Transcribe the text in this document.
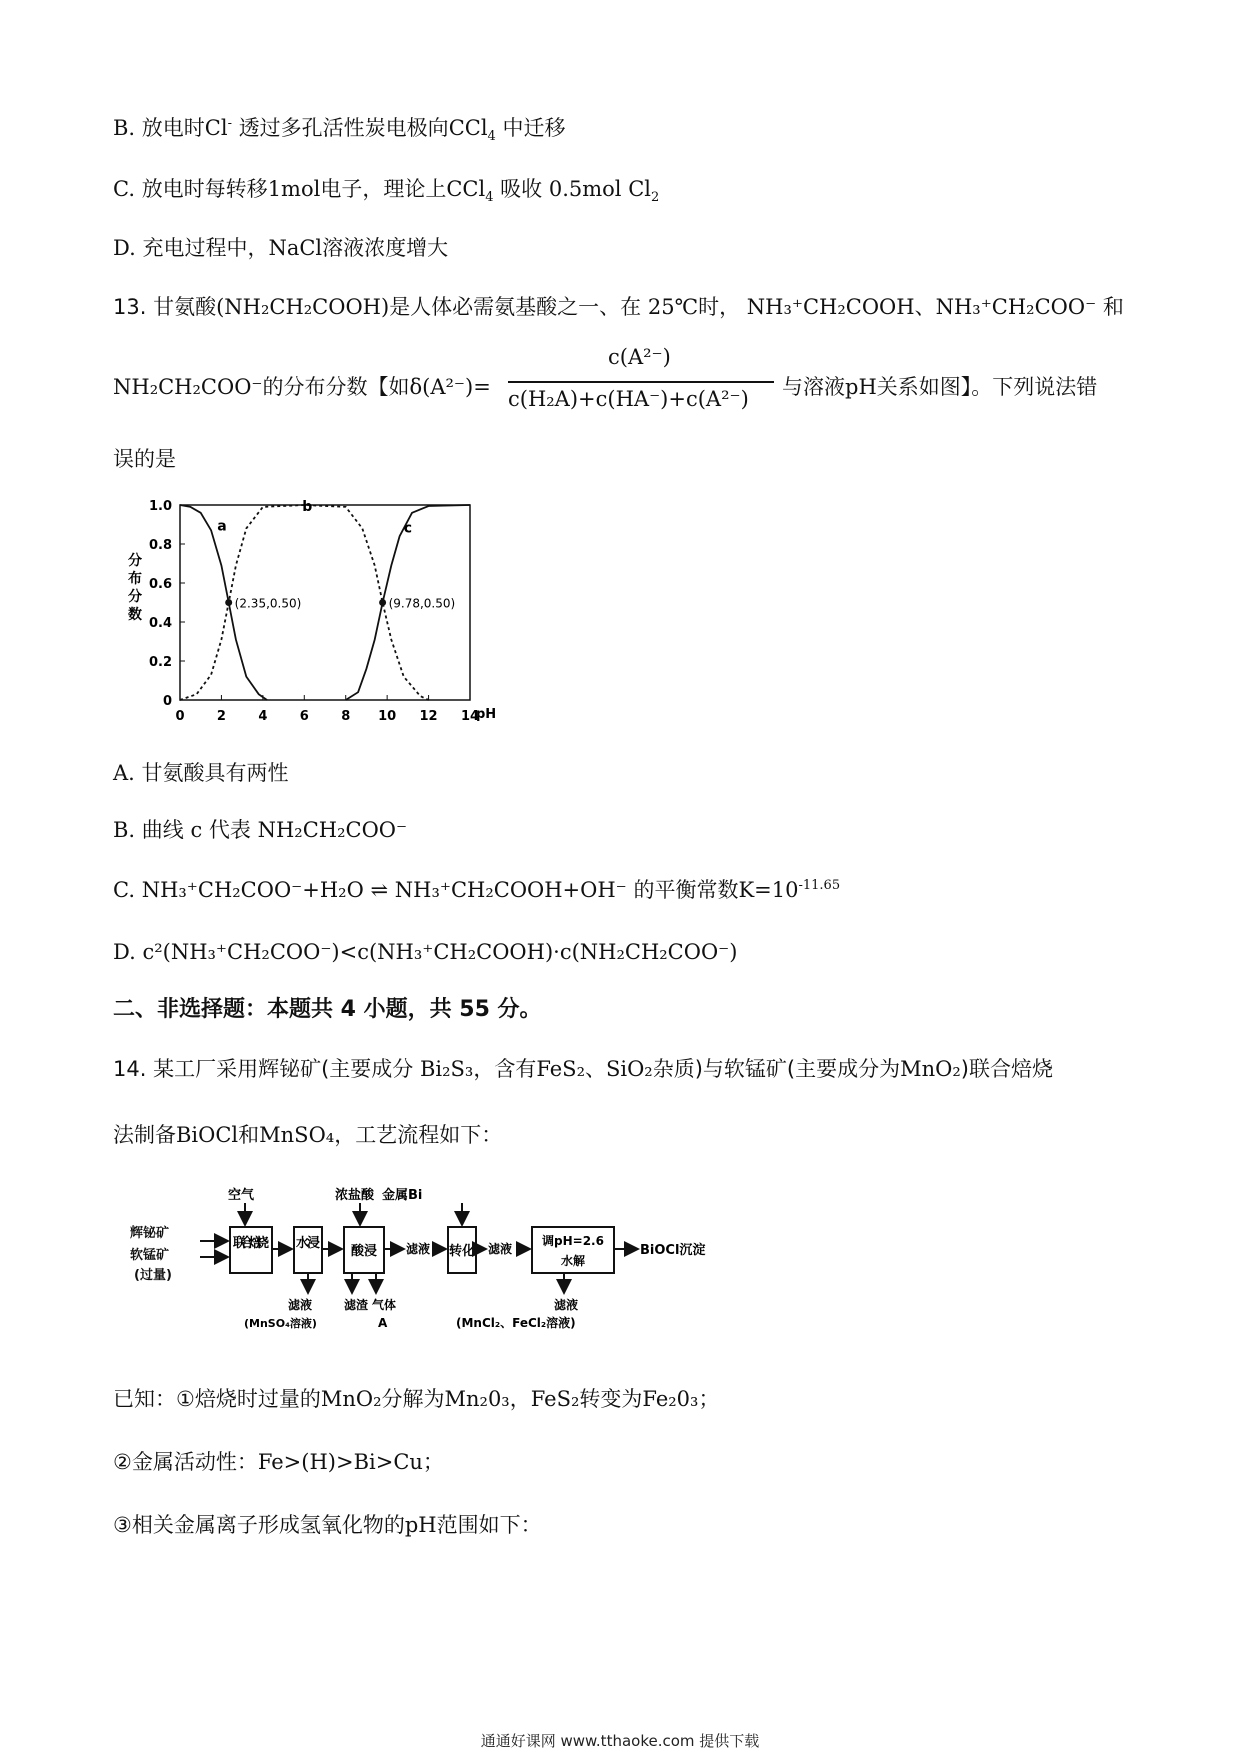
B. 放电时Cl- 透过多孔活性炭电极向CCl$_4$ 中迁移
C. 放电时每转移1mol电子，理论上CCl$_4$ 吸收 0.5mol $Cl_2$
D. 充电过程中，NaCl溶液浓度增大
13. 甘氨酸(NH₂CH₂COOH)是人体必需氨基酸之一、在 25℃时， NH₃⁺CH₂COOH、NH₃⁺CH₂COO⁻ 和
NH₂CH₂COO⁻的分布分数【如δ(A²⁻)=
c(A²⁻)
c(H₂A)+c(HA⁻)+c(A²⁻) 与溶液pH关系如图】。下列说法错
误的是
0 2 4 6 8 10 12 14
pH
0
0.2
0.4
0.6
0.8
1.0
分
布
分
数
a
b
c
(2.35,0.50)	(9.78,0.50)
A. 甘氨酸具有两性
B. 曲线 c 代表 NH₂CH₂COO⁻
C. NH₃⁺CH₂COO⁻+H₂O ⇌ NH₃⁺CH₂COOH+OH⁻ 的平衡常数$K=10^{-11.65}$
D. c²(NH₃⁺CH₂COO⁻)<c(NH₃⁺CH₂COOH)·c(NH₂CH₂COO⁻)
二、非选择题：本题共 4 小题，共 55 分。
14. 某工厂采用辉铋矿(主要成分 Bi₂S₃，含有FeS₂、SiO₂杂质)与软锰矿(主要成分为MnO₂)联合焙烧
法制备BiOCl和MnSO₄，工艺流程如下：
辉铋矿
软锰矿
(过量)
空气
联合焙烧 水浸
滤液
(MnSO₄溶液)
浓盐酸
酸浸
滤渣 气体
A
滤液
金属Bi
转化 滤液
调pH=2.6
水解
BiOCl沉淀
滤液
(MnCl₂、FeCl₂溶液)
已知：①焙烧时过量的MnO₂分解为Mn₂0₃，FeS₂转变为Fe₂0₃；
②金属活动性：Fe>(H)>Bi>Cu；
③相关金属离子形成氢氧化物的pH范围如下：
通通好课网 www.tthaoke.com 提供下载
